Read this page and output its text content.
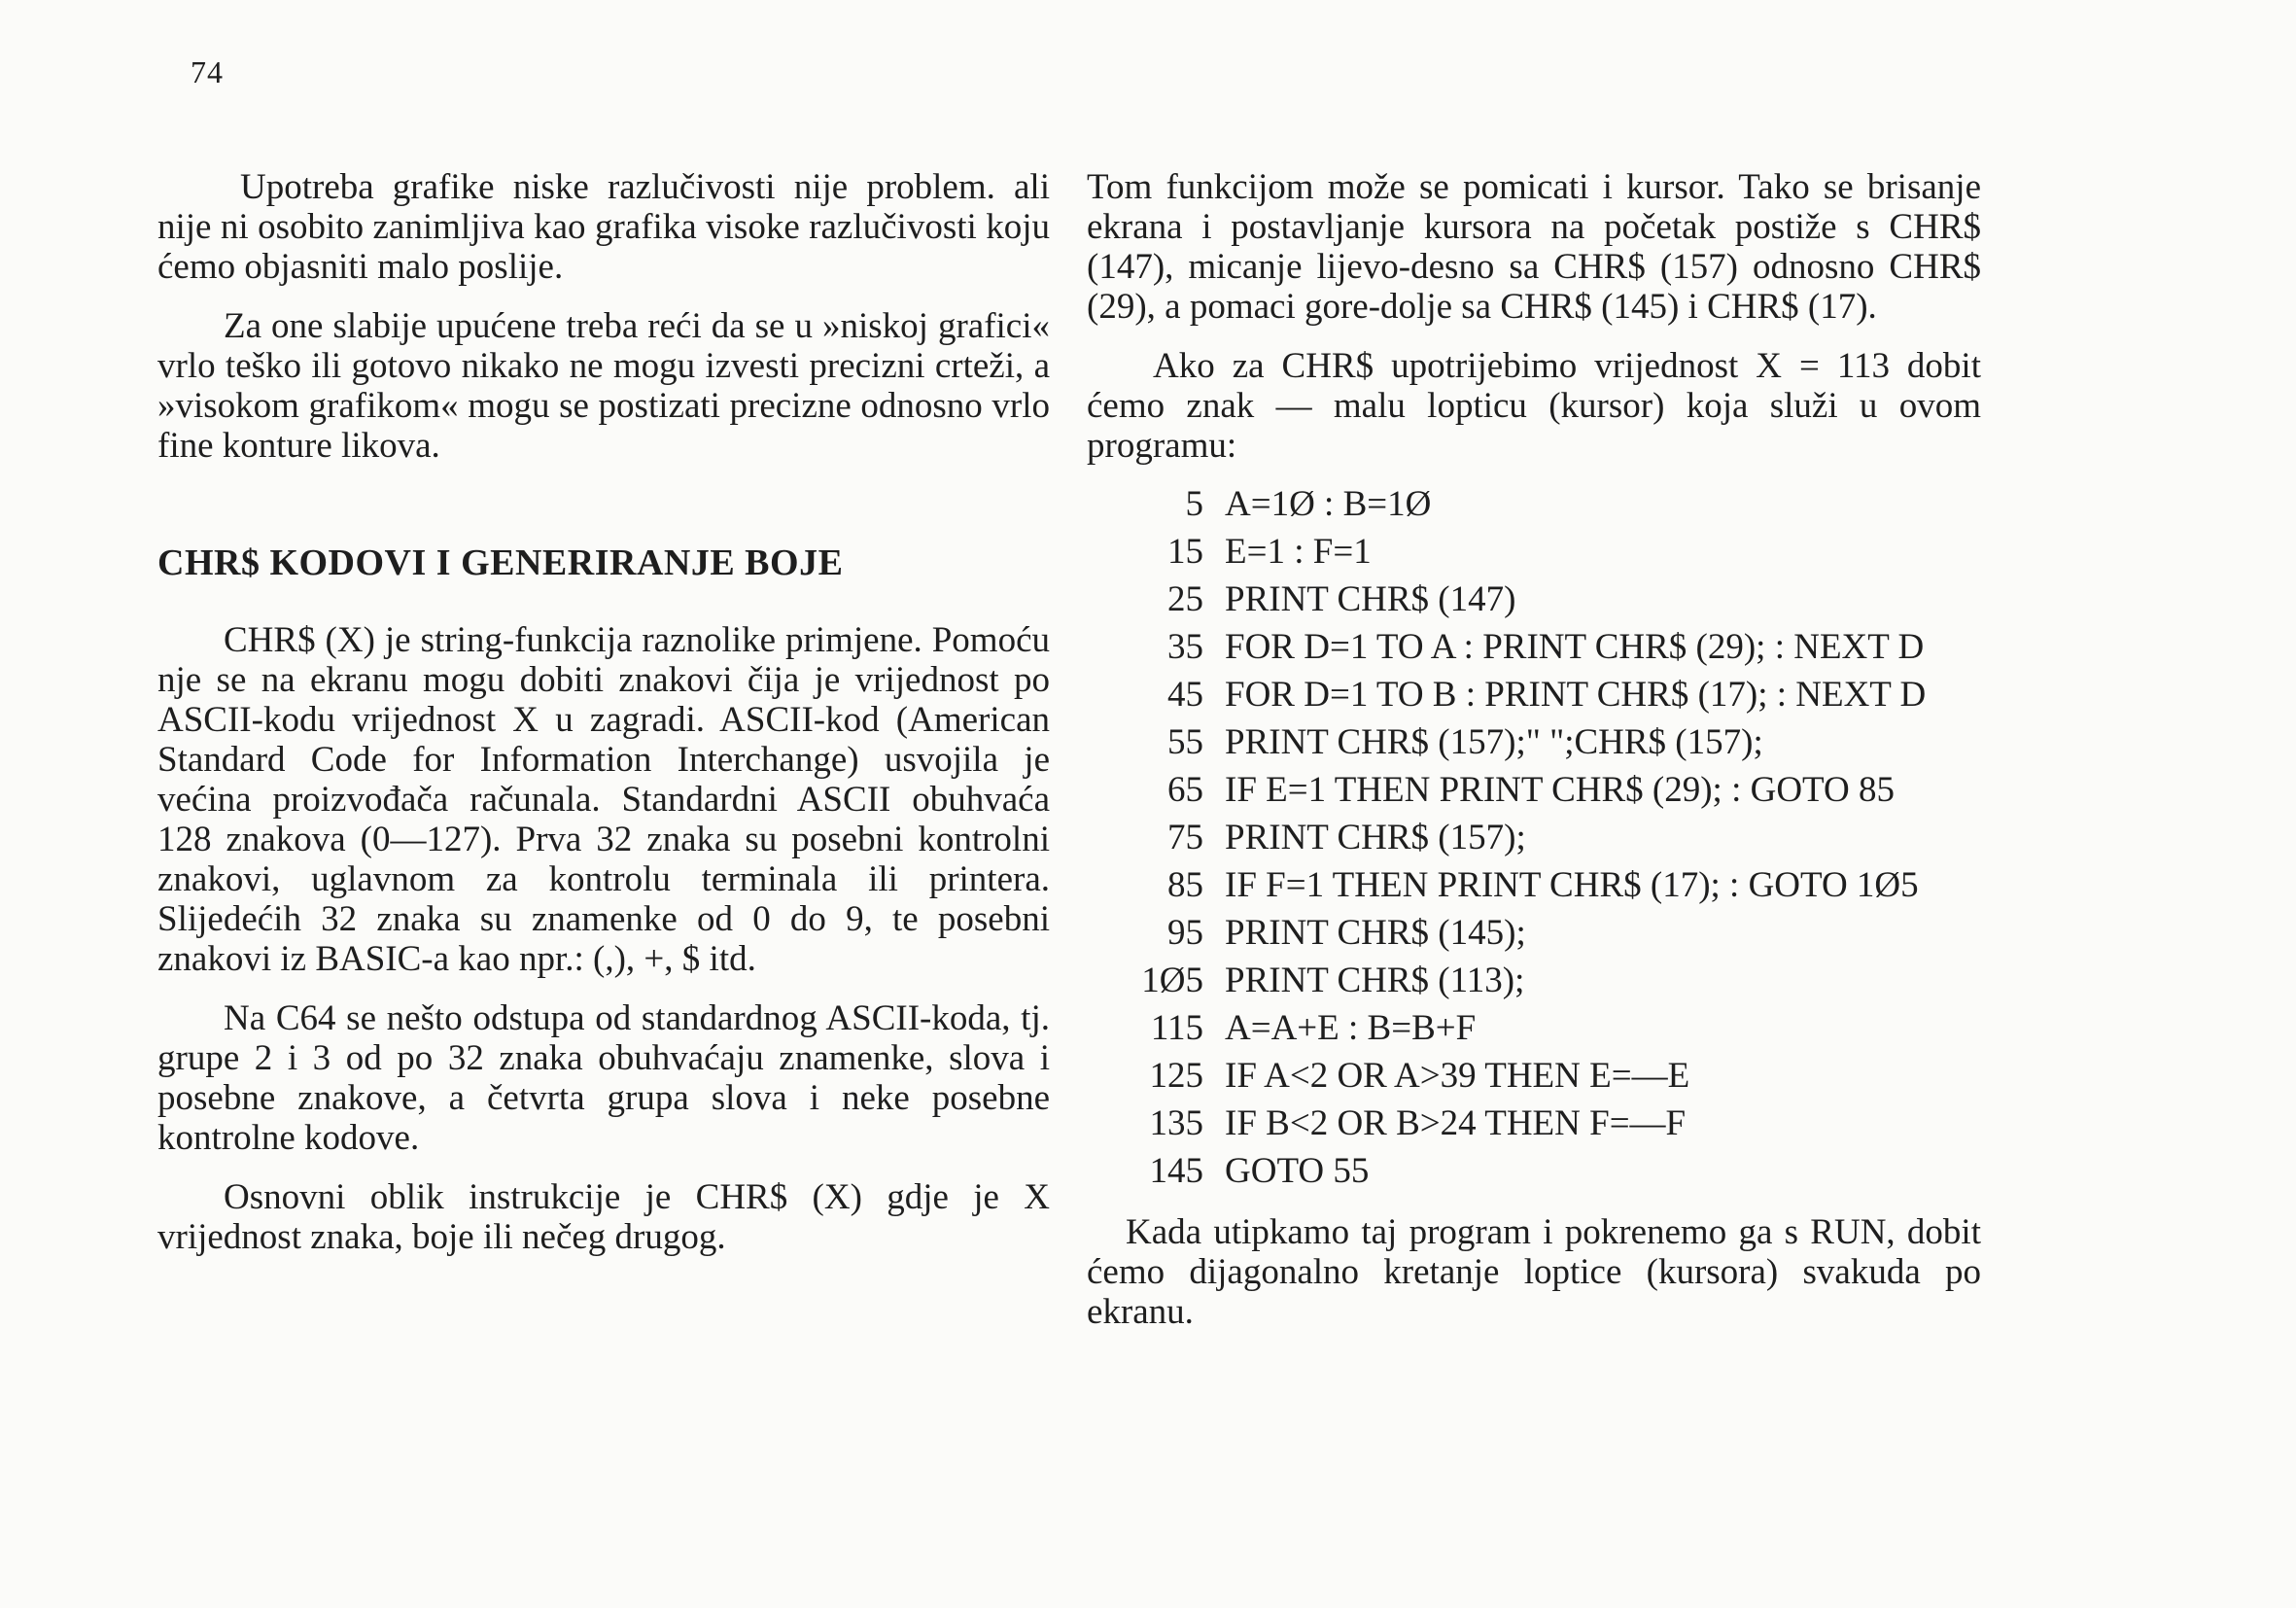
74

Upotreba grafike niske razlučivosti nije problem. ali nije ni osobito zanimljiva kao grafika visoke razlučivosti koju ćemo objasniti malo poslije.

Za one slabije upućene treba reći da se u »niskoj grafici« vrlo teško ili gotovo nikako ne mogu izvesti precizni crteži, a »visokom grafikom« mogu se postizati precizne odnosno vrlo fine konture likova.

CHR$ KODOVI I GENERIRANJE BOJE

CHR$ (X) je string-funkcija raznolike primjene. Pomoću nje se na ekranu mogu dobiti znakovi čija je vrijednost po ASCII-kodu vrijednost X u zagradi. ASCII-kod (American Standard Code for Information Interchange) usvojila je većina proizvođača računala. Standardni ASCII obuhvaća 128 znakova (0—127). Prva 32 znaka su posebni kontrolni znakovi, uglavnom za kontrolu terminala ili printera. Slijedećih 32 znaka su znamenke od 0 do 9, te posebni znakovi iz BASIC-a kao npr.: (,), +, $ itd.

Na C64 se nešto odstupa od standardnog ASCII-koda, tj. grupe 2 i 3 od po 32 znaka obuhvaćaju znamenke, slova i posebne znakove, a četvrta grupa slova i neke posebne kontrolne kodove.

Osnovni oblik instrukcije je CHR$ (X) gdje je X vrijednost znaka, boje ili nečeg drugog.

Tom funkcijom može se pomicati i kursor. Tako se brisanje ekrana i postavljanje kursora na početak postiže s CHR$ (147), micanje lijevo-desno sa CHR$ (157) odnosno CHR$ (29), a pomaci gore-dolje sa CHR$ (145) i CHR$ (17).

Ako za CHR$ upotrijebimo vrijednost X = 113 dobit ćemo znak — malu lopticu (kursor) koja služi u ovom programu:

5 A=1Ø : B=1Ø
15 E=1 : F=1
25 PRINT CHR$ (147)
35 FOR D=1 TO A : PRINT CHR$ (29); : NEXT D
45 FOR D=1 TO B : PRINT CHR$ (17); : NEXT D
55 PRINT CHR$ (157);" ";CHR$ (157);
65 IF E=1 THEN PRINT CHR$ (29); : GOTO 85
75 PRINT CHR$ (157);
85 IF F=1 THEN PRINT CHR$ (17); : GOTO 1Ø5
95 PRINT CHR$ (145);
1Ø5 PRINT CHR$ (113);
115 A=A+E : B=B+F
125 IF A<2 OR A>39 THEN E=—E
135 IF B<2 OR B>24 THEN F=—F
145 GOTO 55

Kada utipkamo taj program i pokrenemo ga s RUN, dobit ćemo dijagonalno kretanje loptice (kursora) svakuda po ekranu.
